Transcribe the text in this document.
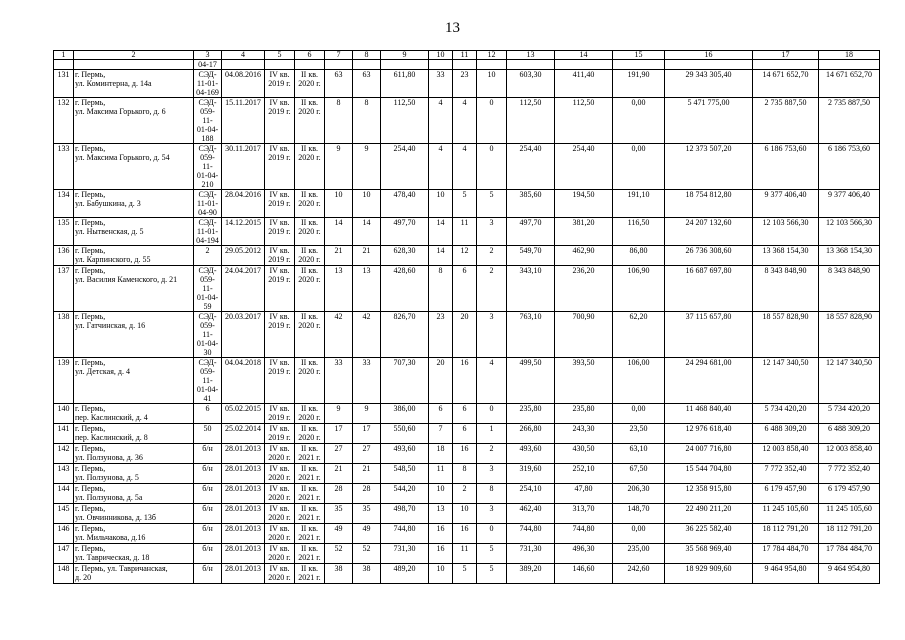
13
1	2	3	4	5	6	7	8	9	10	11	12	13	14	15	16	17	18
		04-17															
131	г. Пермь,
ул. Коминтерна, д. 14а	СЭД-
11-01-
04-169	04.08.2016	IV кв.
2019 г.	II кв.
2020 г.	63	63	611,80	33	23	10	603,30	411,40	191,90	29 343 305,40	14 671 652,70	14 671 652,70
132	г. Пермь,
ул. Максима Горького, д. 6	СЭД-
059-11-
01-04-
188	15.11.2017	IV кв.
2019 г.	II кв.
2020 г.	8	8	112,50	4	4	0	112,50	112,50	0,00	5 471 775,00	2 735 887,50	2 735 887,50
133	г. Пермь,
ул. Максима Горького, д. 54	СЭД-
059-11-
01-04-
210	30.11.2017	IV кв.
2019 г.	II кв.
2020 г.	9	9	254,40	4	4	0	254,40	254,40	0,00	12 373 507,20	6 186 753,60	6 186 753,60
134	г. Пермь,
ул. Бабушкина, д. 3	СЭД-
11-01-
04-90	28.04.2016	IV кв.
2019 г.	II кв.
2020 г.	10	10	478,40	10	5	5	385,60	194,50	191,10	18 754 812,80	9 377 406,40	9 377 406,40
135	г. Пермь,
ул. Нытвенская, д. 5	СЭД-
11-01-
04-194	14.12.2015	IV кв.
2019 г.	II кв.
2020 г.	14	14	497,70	14	11	3	497,70	381,20	116,50	24 207 132,60	12 103 566,30	12 103 566,30
136	г. Пермь,
ул. Карпинского, д. 55	2	29.05.2012	IV кв.
2019 г.	II кв.
2020 г.	21	21	628,30	14	12	2	549,70	462,90	86,80	26 736 308,60	13 368 154,30	13 368 154,30
137	г. Пермь,
ул. Василия Каменского, д. 21	СЭД-
059-11-
01-04-
59	24.04.2017	IV кв.
2019 г.	II кв.
2020 г.	13	13	428,60	8	6	2	343,10	236,20	106,90	16 687 697,80	8 343 848,90	8 343 848,90
138	г. Пермь,
ул. Гатчинская, д. 16	СЭД-
059-11-
01-04-
30	20.03.2017	IV кв.
2019 г.	II кв.
2020 г.	42	42	826,70	23	20	3	763,10	700,90	62,20	37 115 657,80	18 557 828,90	18 557 828,90
139	г. Пермь,
ул. Детская, д. 4	СЭД-
059-11-
01-04-
41	04.04.2018	IV кв.
2019 г.	II кв.
2020 г.	33	33	707,30	20	16	4	499,50	393,50	106,00	24 294 681,00	12 147 340,50	12 147 340,50
140	г. Пермь,
пер. Каслинский, д. 4	6	05.02.2015	IV кв.
2019 г.	II кв.
2020 г.	9	9	386,00	6	6	0	235,80	235,80	0,00	11 468 840,40	5 734 420,20	5 734 420,20
141	г. Пермь,
пер. Каслинский, д. 8	50	25.02.2014	IV кв.
2019 г.	II кв.
2020 г.	17	17	550,60	7	6	1	266,80	243,30	23,50	12 976 618,40	6 488 309,20	6 488 309,20
142	г. Пермь,
ул. Ползунова, д. 36	б/н	28.01.2013	IV кв.
2020 г.	II кв.
2021 г.	27	27	493,60	18	16	2	493,60	430,50	63,10	24 007 716,80	12 003 858,40	12 003 858,40
143	г. Пермь,
ул. Ползунова, д. 5	б/н	28.01.2013	IV кв.
2020 г.	II кв.
2021 г.	21	21	548,50	11	8	3	319,60	252,10	67,50	15 544 704,80	7 772 352,40	7 772 352,40
144	г. Пермь,
ул. Ползунова, д. 5а	б/н	28.01.2013	IV кв.
2020 г.	II кв.
2021 г.	28	28	544,20	10	2	8	254,10	47,80	206,30	12 358 915,80	6 179 457,90	6 179 457,90
145	г. Пермь,
ул. Овчинникова, д. 13б	б/н	28.01.2013	IV кв.
2020 г.	II кв.
2021 г.	35	35	498,70	13	10	3	462,40	313,70	148,70	22 490 211,20	11 245 105,60	11 245 105,60
146	г. Пермь,
ул. Мильчакова, д.16	б/н	28.01.2013	IV кв.
2020 г.	II кв.
2021 г.	49	49	744,80	16	16	0	744,80	744,80	0,00	36 225 582,40	18 112 791,20	18 112 791,20
147	г. Пермь,
ул. Таврическая, д. 18	б/н	28.01.2013	IV кв.
2020 г.	II кв.
2021 г.	52	52	731,30	16	11	5	731,30	496,30	235,00	35 568 969,40	17 784 484,70	17 784 484,70
148	г. Пермь, ул. Тавричанская,
д. 20	б/н	28.01.2013	IV кв.
2020 г.	II кв.
2021 г.	38	38	489,20	10	5	5	389,20	146,60	242,60	18 929 909,60	9 464 954,80	9 464 954,80
